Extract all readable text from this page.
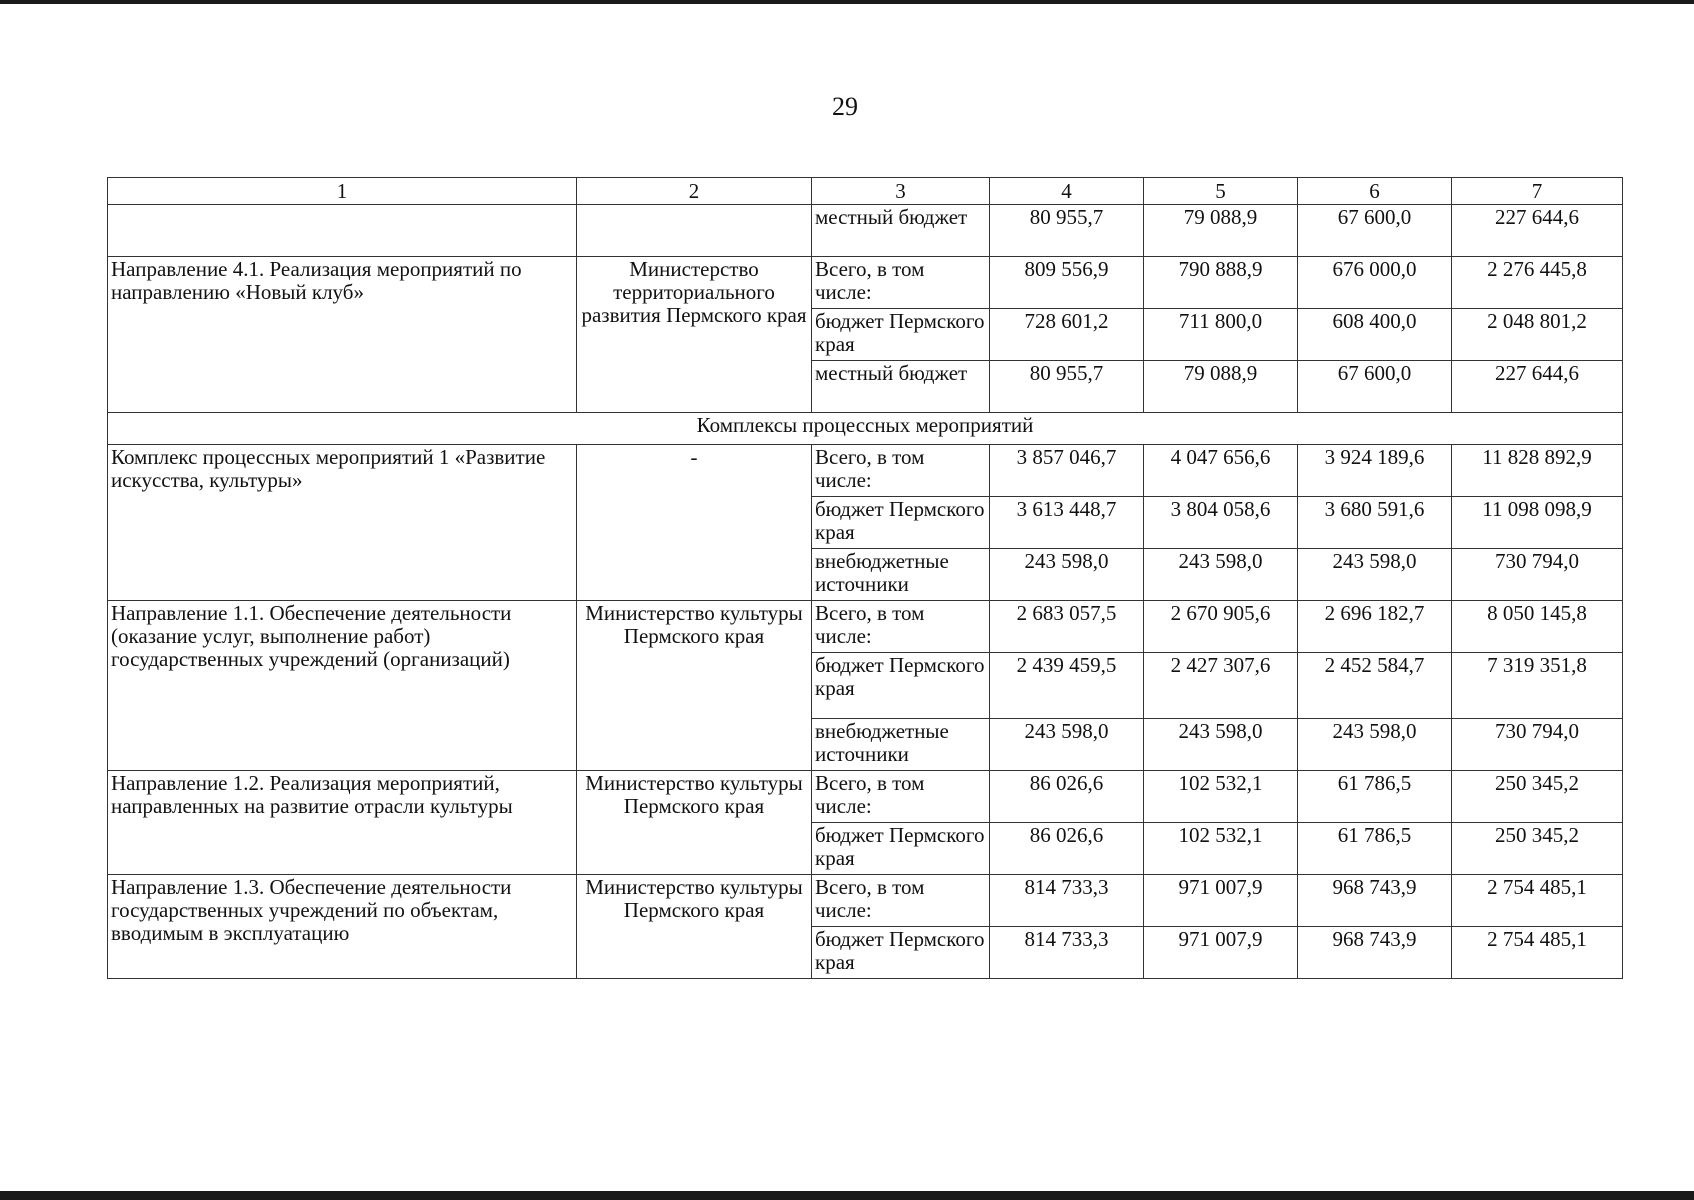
29
1	2	3	4	5	6	7
		местный бюджет	80 955,7	79 088,9	67 600,0	227 644,6
Направление 4.1. Реализация мероприятий по направлению «Новый клуб»	Министерство территориального развития Пермского края	Всего, в том числе:	809 556,9	790 888,9	676 000,0	2 276 445,8
		бюджет Пермского края	728 601,2	711 800,0	608 400,0	2 048 801,2
		местный бюджет	80 955,7	79 088,9	67 600,0	227 644,6
Комплексы процессных мероприятий						
Комплекс процессных мероприятий 1 «Развитие искусства, культуры»	-	Всего, в том числе:	3 857 046,7	4 047 656,6	3 924 189,6	11 828 892,9
		бюджет Пермского края	3 613 448,7	3 804 058,6	3 680 591,6	11 098 098,9
		внебюджетные источники	243 598,0	243 598,0	243 598,0	730 794,0
Направление 1.1. Обеспечение деятельности (оказание услуг, выполнение работ) государственных учреждений (организаций)	Министерство культуры Пермского края	Всего, в том числе:	2 683 057,5	2 670 905,6	2 696 182,7	8 050 145,8
		бюджет Пермского края	2 439 459,5	2 427 307,6	2 452 584,7	7 319 351,8
		внебюджетные источники	243 598,0	243 598,0	243 598,0	730 794,0
Направление 1.2. Реализация мероприятий, направленных на развитие отрасли культуры	Министерство культуры Пермского края	Всего, в том числе:	86 026,6	102 532,1	61 786,5	250 345,2
		бюджет Пермского края	86 026,6	102 532,1	61 786,5	250 345,2
Направление 1.3. Обеспечение деятельности государственных учреждений по объектам, вводимым в эксплуатацию	Министерство культуры Пермского края	Всего, в том числе:	814 733,3	971 007,9	968 743,9	2 754 485,1
		бюджет Пермского края	814 733,3	971 007,9	968 743,9	2 754 485,1
